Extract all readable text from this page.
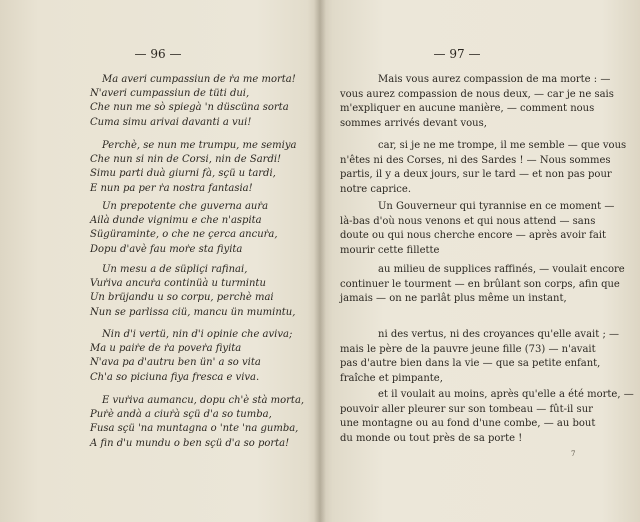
— 96 —	— 97 —
Ma averi cumpassiun de ṙa me morta!
N'averi cumpassiun de tüti dui,
Che nun me sò spiegà 'n düscüna sorta
Cuma simu arivai davanti a vui!
Perchè, se nun me trumpu, me semiya
Che nun si nin de Corsi, nin de Sardi!
Simu parti duà giurni fà, sçü u tardi,
E nun pa per ṙa nostra fantasia!
Un prepotente che guverna auṙa
Ailà dunde vignimu e che n'aspita
Sügüraminte, o che ne çerca ancuṙa,
Dopu d'avè fau moṙe sta fiyita
Un mesu a de süpliçi rafinai,
Vuṙiva ancuṙa continüà u turmintu
Un brüjandu u so corpu, perchè mai
Nun se parlissa ciü, mancu ün mumintu,
Nin d'i vertü, nin d'i opinie che aviva;
Ma u paiṙe de ṙa poveṙa fiyita
N'ava pa d'autru ben ün' a so vita
Ch'a so piciuna fiya fresca e viva.
E vuṙiva aumancu, dopu ch'è stà morta,
Puṙè andà a ciuṙà sçü d'a so tumba,
Fusa sçü 'na muntagna o 'nte 'na gumba,
A fin d'u mundu o ben sçü d'a so porta!
Mais vous aurez compassion de ma morte : —
vous aurez compassion de nous deux, — car je ne sais
m'expliquer en aucune manière, — comment nous
sommes arrivés devant vous,
car, si je ne me trompe, il me semble — que vous
n'êtes ni des Corses, ni des Sardes ! — Nous sommes
partis, il y a deux jours, sur le tard — et non pas pour
notre caprice.
Un Gouverneur qui tyrannise en ce moment —
là-bas d'où nous venons et qui nous attend — sans
doute ou qui nous cherche encore — après avoir fait
mourir cette fillette
au milieu de supplices raffinés, — voulait encore
continuer le tourment — en brûlant son corps, afin que
jamais — on ne parlât plus même un instant,
ni des vertus, ni des croyances qu'elle avait ; —
mais le père de la pauvre jeune fille (73) — n'avait
pas d'autre bien dans la vie — que sa petite enfant,
fraîche et pimpante,
et il voulait au moins, après qu'elle a été morte, —
pouvoir aller pleurer sur son tombeau — fût-il sur
une montagne ou au fond d'une combe, — au bout
du monde ou tout près de sa porte !
7
